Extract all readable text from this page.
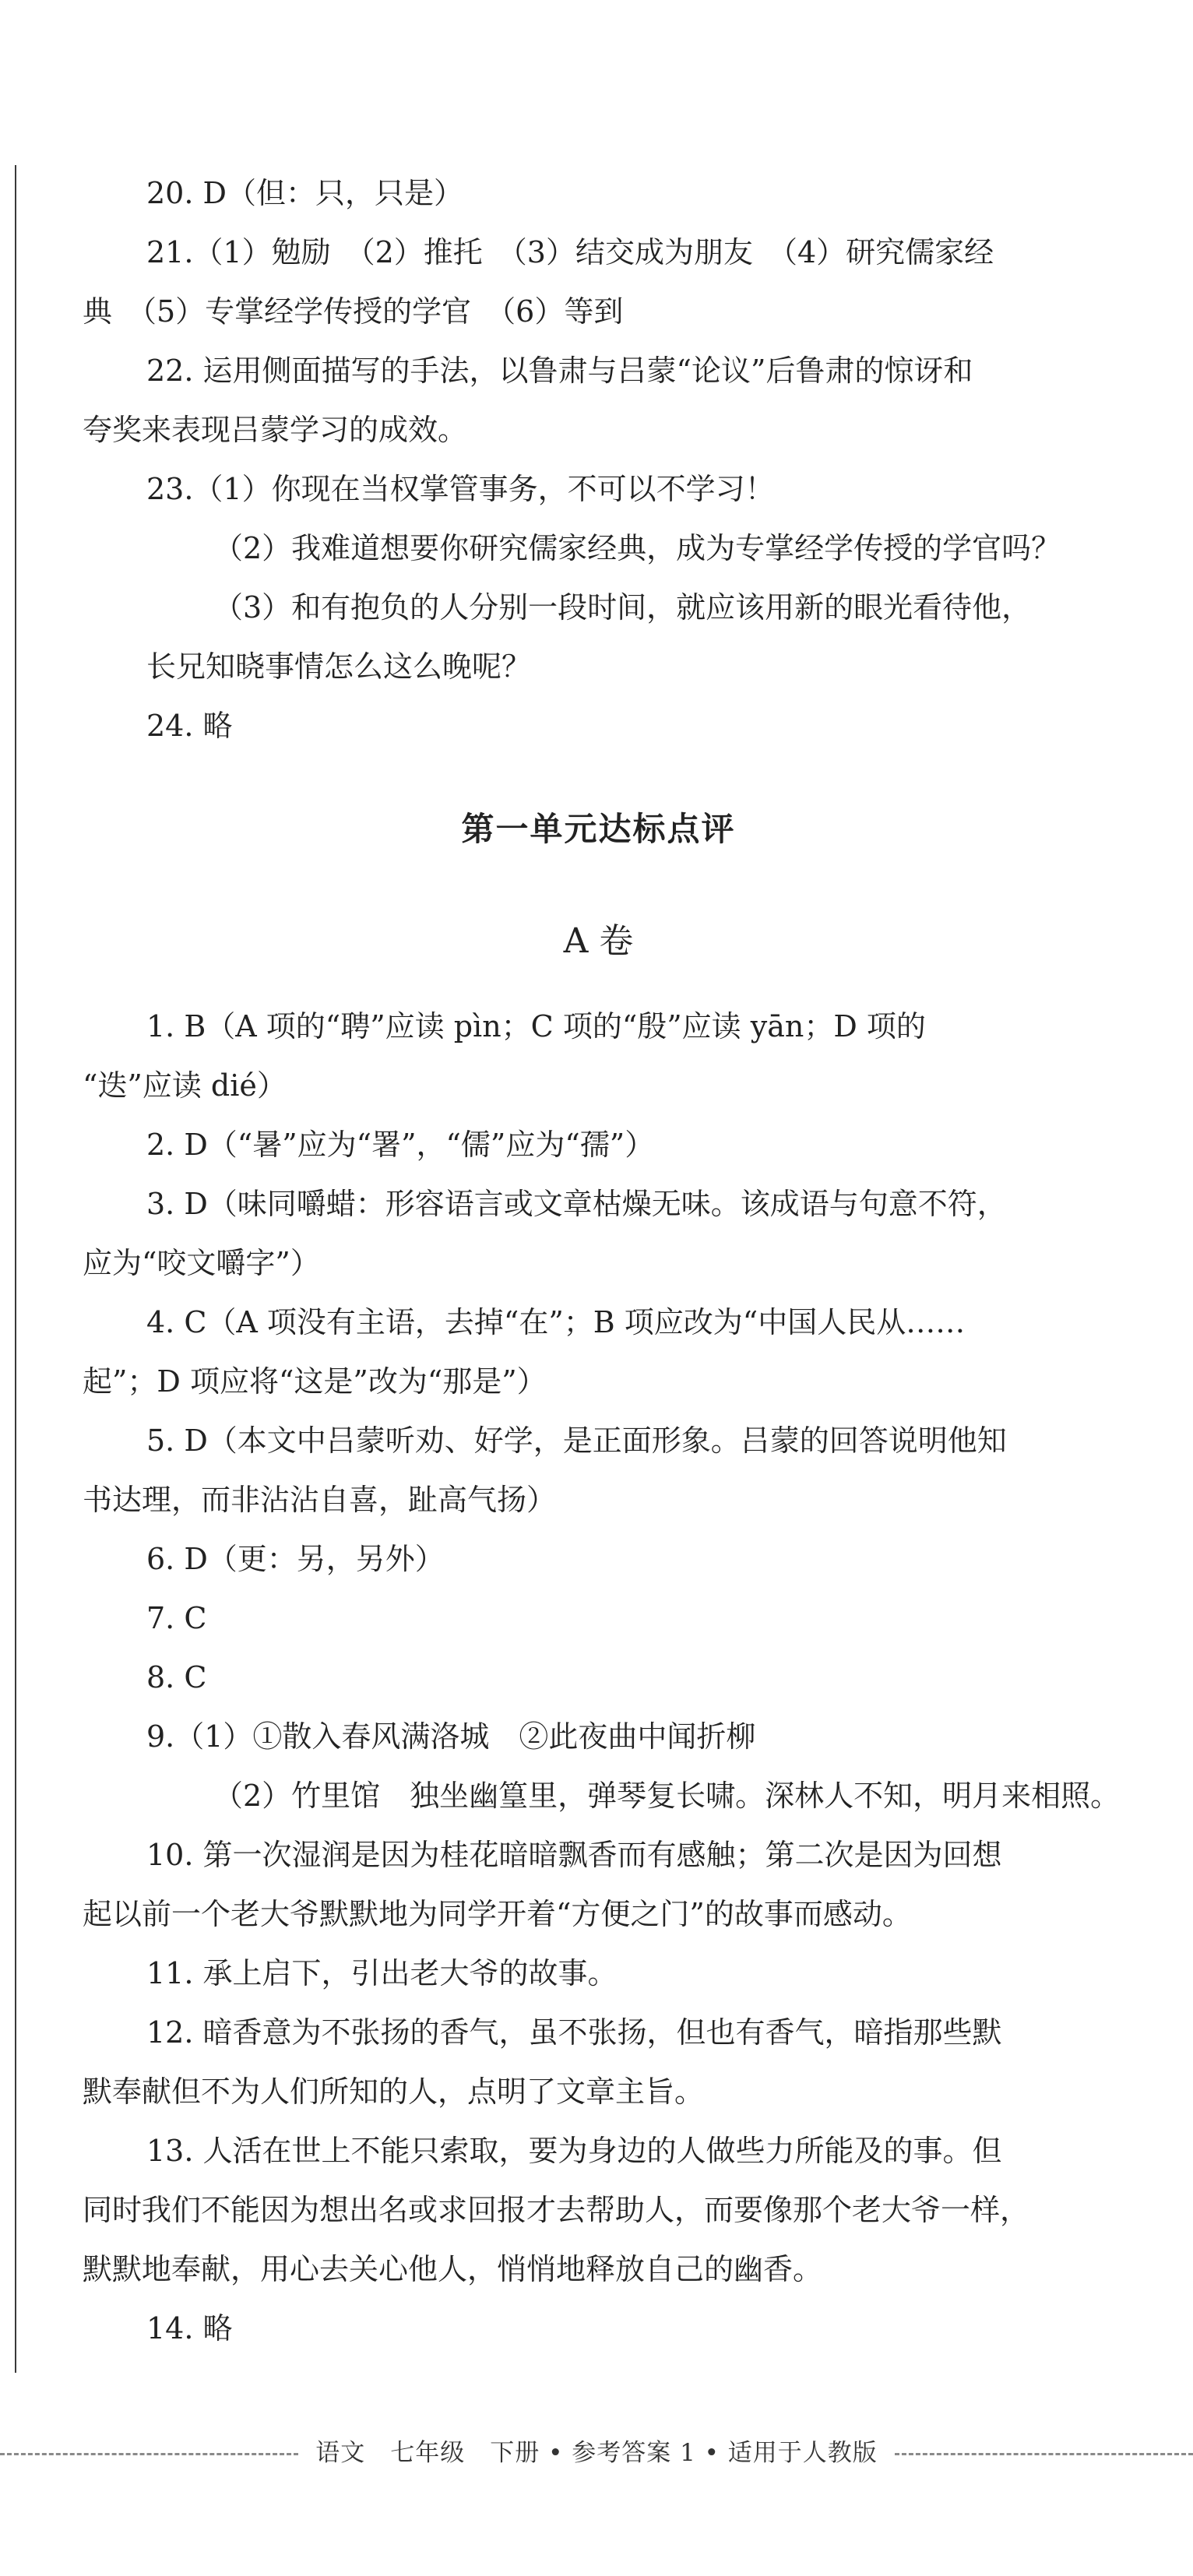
20. D（但：只，只是）
21.（1）勉励　（2）推托　（3）结交成为朋友　（4）研究儒家经
典　（5）专掌经学传授的学官　（6）等到
22. 运用侧面描写的手法，以鲁肃与吕蒙“论议”后鲁肃的惊讶和
夸奖来表现吕蒙学习的成效。
23.（1）你现在当权掌管事务，不可以不学习！
（2）我难道想要你研究儒家经典，成为专掌经学传授的学官吗？
（3）和有抱负的人分别一段时间，就应该用新的眼光看待他，
长兄知晓事情怎么这么晚呢？
24. 略
第一单元达标点评
A 卷
1. B（A 项的“聘”应读 pìn；C 项的“殷”应读 yān；D 项的
“迭”应读 dié）
2. D（“暑”应为“署”，“儒”应为“孺”）
3. D（味同嚼蜡：形容语言或文章枯燥无味。该成语与句意不符，
应为“咬文嚼字”）
4. C（A 项没有主语，去掉“在”；B 项应改为“中国人民从……
起”；D 项应将“这是”改为“那是”）
5. D（本文中吕蒙听劝、好学，是正面形象。吕蒙的回答说明他知
书达理，而非沾沾自喜，趾高气扬）
6. D（更：另，另外）
7. C
8. C
9.（1）①散入春风满洛城　②此夜曲中闻折柳
（2）竹里馆　独坐幽篁里，弹琴复长啸。深林人不知，明月来相照。
10. 第一次湿润是因为桂花暗暗飘香而有感触；第二次是因为回想
起以前一个老大爷默默地为同学开着“方便之门”的故事而感动。
11. 承上启下，引出老大爷的故事。
12. 暗香意为不张扬的香气，虽不张扬，但也有香气，暗指那些默
默奉献但不为人们所知的人，点明了文章主旨。
13. 人活在世上不能只索取，要为身边的人做些力所能及的事。但
同时我们不能因为想出名或求回报才去帮助人，而要像那个老大爷一样，
默默地奉献，用心去关心他人，悄悄地释放自己的幽香。
14. 略
语文　七年级　下册 • 参考答案 1 • 适用于人教版
